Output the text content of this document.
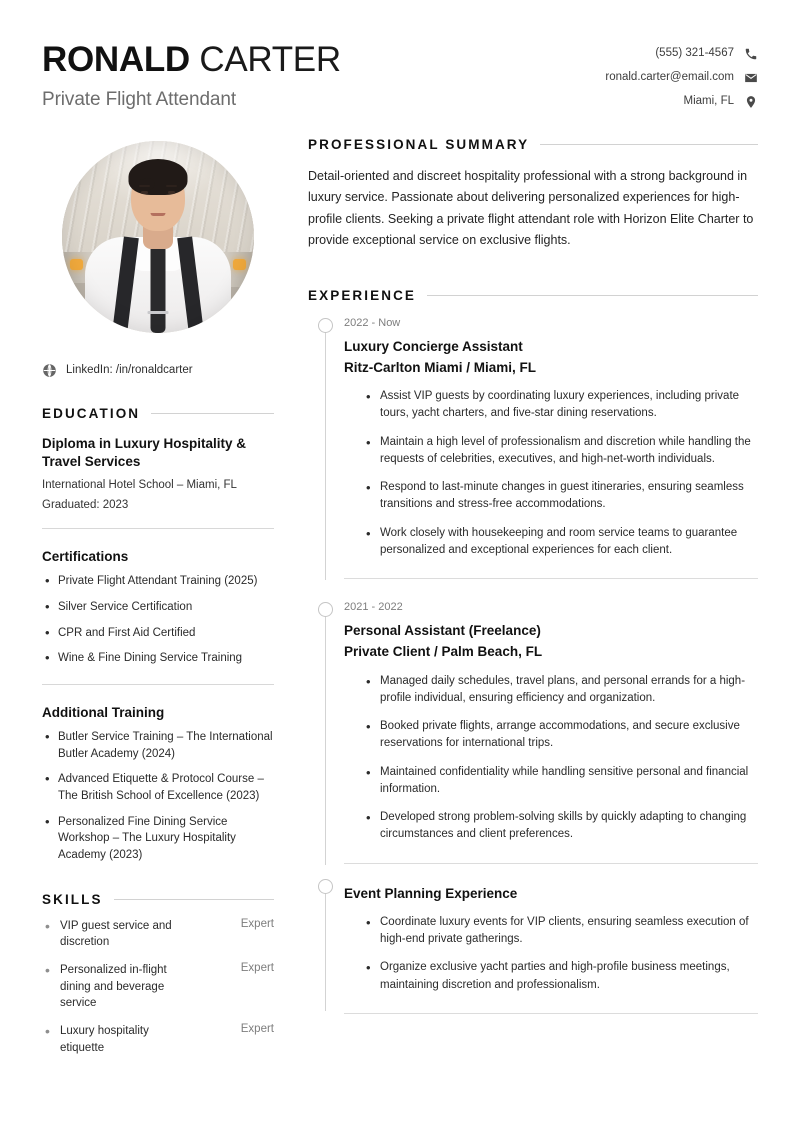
RONALD CARTER
Private Flight Attendant
(555) 321-4567
ronald.carter@email.com
Miami, FL
LinkedIn: /in/ronaldcarter
EDUCATION
Diploma in Luxury Hospitality & Travel Services
International Hotel School – Miami, FL
Graduated: 2023
Certifications
• Private Flight Attendant Training (2025)
• Silver Service Certification
• CPR and First Aid Certified
• Wine & Fine Dining Service Training
Additional Training
• Butler Service Training – The International Butler Academy (2024)
• Advanced Etiquette & Protocol Course – The British School of Excellence (2023)
• Personalized Fine Dining Service Workshop – The Luxury Hospitality Academy (2023)
SKILLS
• VIP guest service and discretion
Expert
• Personalized in-flight dining and beverage service
Expert
• Luxury hospitality etiquette
Expert
PROFESSIONAL SUMMARY

Detail-oriented and discreet hospitality professional with a strong background in luxury service. Passionate about delivering personalized experiences for high-profile clients. Seeking a private flight attendant role with Horizon Elite Charter to provide exceptional service on exclusive flights.

EXPERIENCE
2022 - Now
Luxury Concierge Assistant
Ritz-Carlton Miami / Miami, FL
• Assist VIP guests by coordinating luxury experiences, including private tours, yacht charters, and five-star dining reservations.
• Maintain a high level of professionalism and discretion while handling the requests of celebrities, executives, and high-net-worth individuals.
• Respond to last-minute changes in guest itineraries, ensuring seamless transitions and stress-free accommodations.
• Work closely with housekeeping and room service teams to guarantee personalized and exceptional experiences for each client.
2021 - 2022
Personal Assistant (Freelance)
Private Client / Palm Beach, FL
• Managed daily schedules, travel plans, and personal errands for a high-profile individual, ensuring efficiency and organization.
• Booked private flights, arrange accommodations, and secure exclusive reservations for international trips.
• Maintained confidentiality while handling sensitive personal and financial information.
• Developed strong problem-solving skills by quickly adapting to changing circumstances and client preferences.
Event Planning Experience
• Coordinate luxury events for VIP clients, ensuring seamless execution of high-end private gatherings.
• Organize exclusive yacht parties and high-profile business meetings, maintaining discretion and professionalism.
